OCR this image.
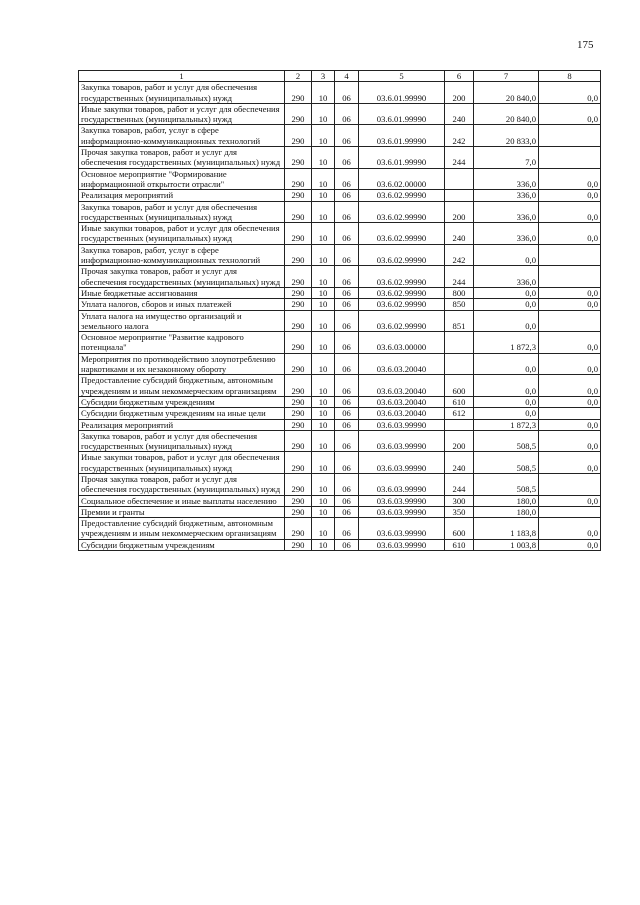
175
1	2	3	4	5	6	7	8
Закупка товаров, работ и услуг для обеспечения государственных (муниципальных) нужд	290	10	06	03.6.01.99990	200	20 840,0	0,0
Иные закупки товаров, работ и услуг для обеспечения государственных (муниципальных) нужд	290	10	06	03.6.01.99990	240	20 840,0	0,0
Закупка товаров, работ, услуг в сфере информационно-коммуникационных технологий	290	10	06	03.6.01.99990	242	20 833,0	
Прочая закупка товаров, работ и услуг для обеспечения государственных (муниципальных) нужд	290	10	06	03.6.01.99990	244	7,0	
Основное мероприятие "Формирование информационной открытости отрасли"	290	10	06	03.6.02.00000		336,0	0,0
Реализация мероприятий	290	10	06	03.6.02.99990		336,0	0,0
Закупка товаров, работ и услуг для обеспечения государственных (муниципальных) нужд	290	10	06	03.6.02.99990	200	336,0	0,0
Иные закупки товаров, работ и услуг для обеспечения государственных (муниципальных) нужд	290	10	06	03.6.02.99990	240	336,0	0,0
Закупка товаров, работ, услуг в сфере информационно-коммуникационных технологий	290	10	06	03.6.02.99990	242	0,0	
Прочая закупка товаров, работ и услуг для обеспечения государственных (муниципальных) нужд	290	10	06	03.6.02.99990	244	336,0	
Иные бюджетные ассигнования	290	10	06	03.6.02.99990	800	0,0	0,0
Уплата налогов, сборов и иных платежей	290	10	06	03.6.02.99990	850	0,0	0,0
Уплата налога на имущество организаций и земельного налога	290	10	06	03.6.02.99990	851	0,0	
Основное мероприятие "Развитие кадрового потенциала"	290	10	06	03.6.03.00000		1 872,3	0,0
Мероприятия по противодействию злоупотреблению наркотиками и их незаконному обороту	290	10	06	03.6.03.20040		0,0	0,0
Предоставление субсидий бюджетным, автономным учреждениям и иным некоммерческим организациям	290	10	06	03.6.03.20040	600	0,0	0,0
Субсидии бюджетным учреждениям	290	10	06	03.6.03.20040	610	0,0	0,0
Субсидии бюджетным учреждениям на иные цели	290	10	06	03.6.03.20040	612	0,0	
Реализация мероприятий	290	10	06	03.6.03.99990		1 872,3	0,0
Закупка товаров, работ и услуг для обеспечения государственных (муниципальных) нужд	290	10	06	03.6.03.99990	200	508,5	0,0
Иные закупки товаров, работ и услуг для обеспечения государственных (муниципальных) нужд	290	10	06	03.6.03.99990	240	508,5	0,0
Прочая закупка товаров, работ и услуг для обеспечения государственных (муниципальных) нужд	290	10	06	03.6.03.99990	244	508,5	
Социальное обеспечение и иные выплаты населению	290	10	06	03.6.03.99990	300	180,0	0,0
Премии и гранты	290	10	06	03.6.03.99990	350	180,0	
Предоставление субсидий бюджетным, автономным учреждениям и иным некоммерческим организациям	290	10	06	03.6.03.99990	600	1 183,8	0,0
Субсидии бюджетным учреждениям	290	10	06	03.6.03.99990	610	1 003,8	0,0
